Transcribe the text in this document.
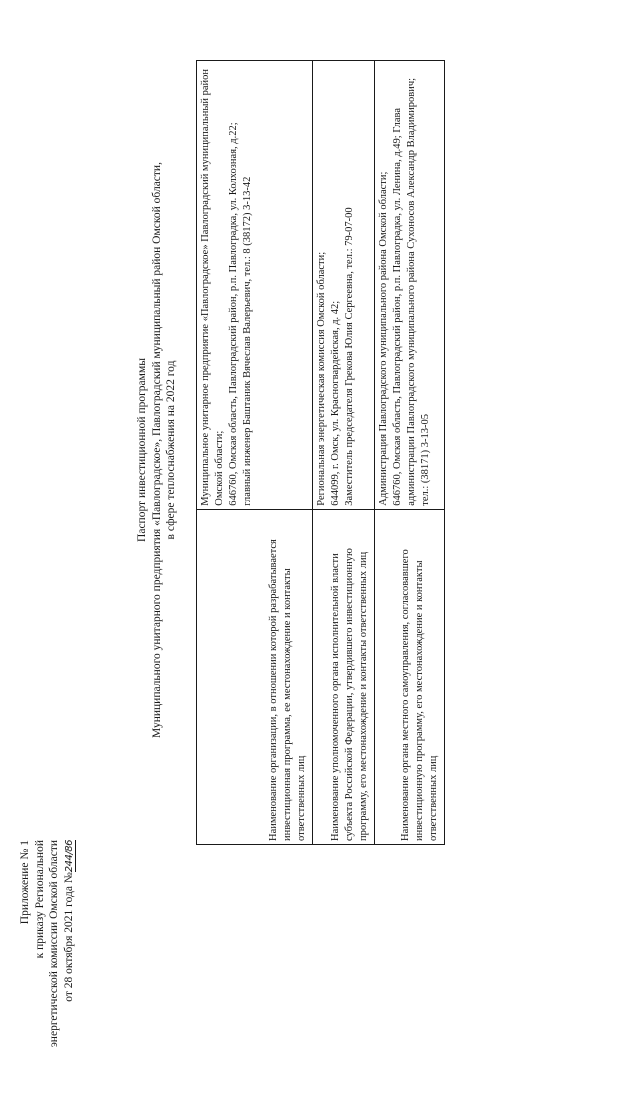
Приложение № 1 к приказу Региональной энергетической комиссии Омской области от 28 октября 2021 года №244/86
Паспорт инвестиционной программы Муниципального унитарного предприятия «Павлоградское», Павлоградский муниципальный район Омской области, в сфере теплоснабжения на 2022 год
Наименование организации, в отношении которой разрабатывается инвестиционная программа, ее местонахождение и контакты ответственных лиц	Муниципальное унитарное предприятие «Павлоградское» Павлоградский муниципальный район Омской области; 646760, Омская область, Павлоградский район, р.п. Павлоградка, ул. Колхозная, д.22; главный инженер Баштаник Вячеслав Валерьевич, тел.: 8 (38172) 3-13-42

Наименование уполномоченного органа исполнительной власти субъекта Российской Федерации, утвердившего инвестиционную программу, его местонахождение и контакты ответственных лиц	Региональная энергетическая комиссия Омской области; 644099, г. Омск, ул. Красногвардейская, д. 42; Заместитель председателя Грекова Юлия Сергеевна, тел.: 79-07-00

Наименование органа местного самоуправления, согласовавшего инвестиционную программу, его местонахождение и контакты ответственных лиц	Администрация Павлоградского муниципального района Омской области; 646760, Омская область, Павлоградский район, р.п. Павлоградка, ул. Ленина, д.49; Глава администрации Павлоградского муниципального района Сухоносов Александр Владимирович; тел.: (38171) 3-13-05
